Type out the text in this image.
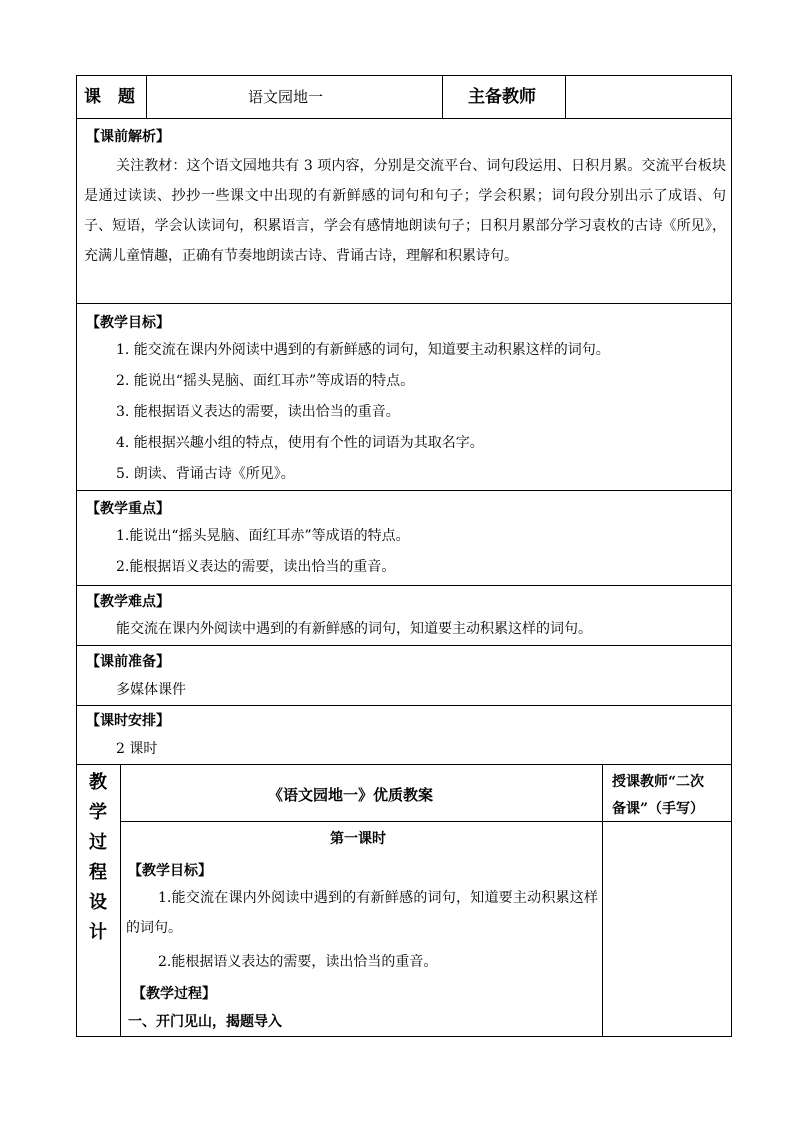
课　题	语文园地一	主备教师
【课前解析】
关注教材：这个语文园地共有 3 项内容，分别是交流平台、词句段运用、日积月累。交流平台板块是通过读读、抄抄一些课文中出现的有新鲜感的词句和句子；学会积累；词句段分别出示了成语、句子、短语，学会认读词句，积累语言，学会有感情地朗读句子；日积月累部分学习袁枚的古诗《所见》，充满儿童情趣，正确有节奏地朗读古诗、背诵古诗，理解和积累诗句。
【教学目标】
1. 能交流在课内外阅读中遇到的有新鲜感的词句，知道要主动积累这样的词句。
2. 能说出“摇头晃脑、面红耳赤”等成语的特点。
3. 能根据语义表达的需要，读出恰当的重音。
4. 能根据兴趣小组的特点，使用有个性的词语为其取名字。
5. 朗读、背诵古诗《所见》。
【教学重点】
1.能说出“摇头晃脑、面红耳赤”等成语的特点。
2.能根据语义表达的需要，读出恰当的重音。
【教学难点】
能交流在课内外阅读中遇到的有新鲜感的词句，知道要主动积累这样的词句。
【课前准备】
多媒体课件
【课时安排】
2 课时
教
学
过
程
设
计
《语文园地一》优质教案
授课教师“二次
备课”（手写）
第一课时
【教学目标】
1.能交流在课内外阅读中遇到的有新鲜感的词句，知道要主动积累这样的词句。
2.能根据语义表达的需要，读出恰当的重音。
【教学过程】
一、开门见山，揭题导入
